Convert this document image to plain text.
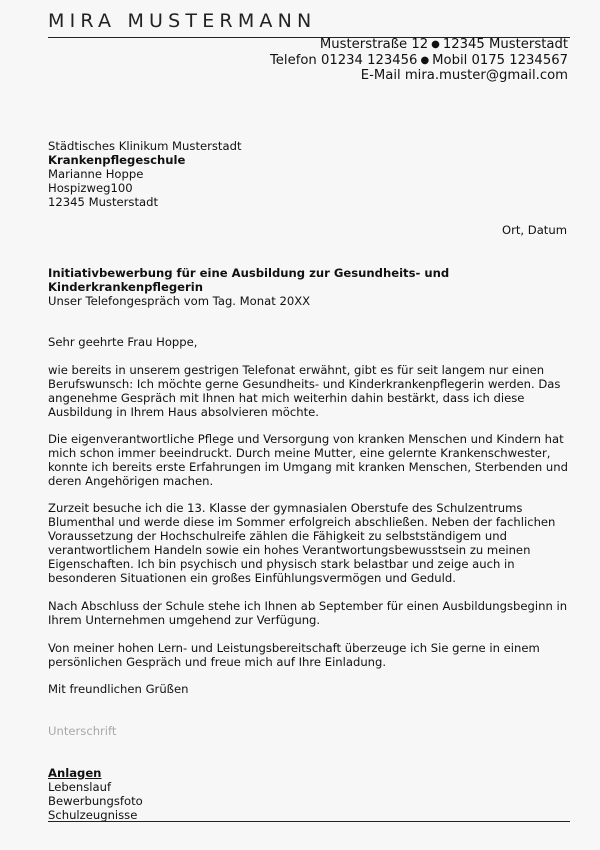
MIRA MUSTERMANN
Musterstraße 12 ● 12345 Musterstadt
Telefon 01234 123456 ● Mobil 0175 1234567
E-Mail mira.muster@gmail.com
Städtisches Klinikum Musterstadt
Krankenpflegeschule
Marianne Hoppe
Hospizweg100
12345 Musterstadt
Ort, Datum
Initiativbewerbung für eine Ausbildung zur Gesundheits- und Kinderkrankenpflegerin
Unser Telefongespräch vom Tag. Monat 20XX
Sehr geehrte Frau Hoppe,
wie bereits in unserem gestrigen Telefonat erwähnt, gibt es für seit langem nur einen Berufswunsch: Ich möchte gerne Gesundheits- und Kinderkrankenpflegerin werden. Das angenehme Gespräch mit Ihnen hat mich weiterhin dahin bestärkt, dass ich diese Ausbildung in Ihrem Haus absolvieren möchte.
Die eigenverantwortliche Pflege und Versorgung von kranken Menschen und Kindern hat mich schon immer beeindruckt. Durch meine Mutter, eine gelernte Krankenschwester, konnte ich bereits erste Erfahrungen im Umgang mit kranken Menschen, Sterbenden und deren Angehörigen machen.
Zurzeit besuche ich die 13. Klasse der gymnasialen Oberstufe des Schulzentrums Blumenthal und werde diese im Sommer erfolgreich abschließen. Neben der fachlichen Voraussetzung der Hochschulreife zählen die Fähigkeit zu selbstständigem und verantwortlichem Handeln sowie ein hohes Verantwortungsbewusstsein zu meinen Eigenschaften. Ich bin psychisch und physisch stark belastbar und zeige auch in besonderen Situationen ein großes Einfühlungsvermögen und Geduld.
Nach Abschluss der Schule stehe ich Ihnen ab September für einen Ausbildungsbeginn in Ihrem Unternehmen umgehend zur Verfügung.
Von meiner hohen Lern- und Leistungsbereitschaft überzeuge ich Sie gerne in einem persönlichen Gespräch und freue mich auf Ihre Einladung.
Mit freundlichen Grüßen
Unterschrift
Anlagen
Lebenslauf
Bewerbungsfoto
Schulzeugnisse
